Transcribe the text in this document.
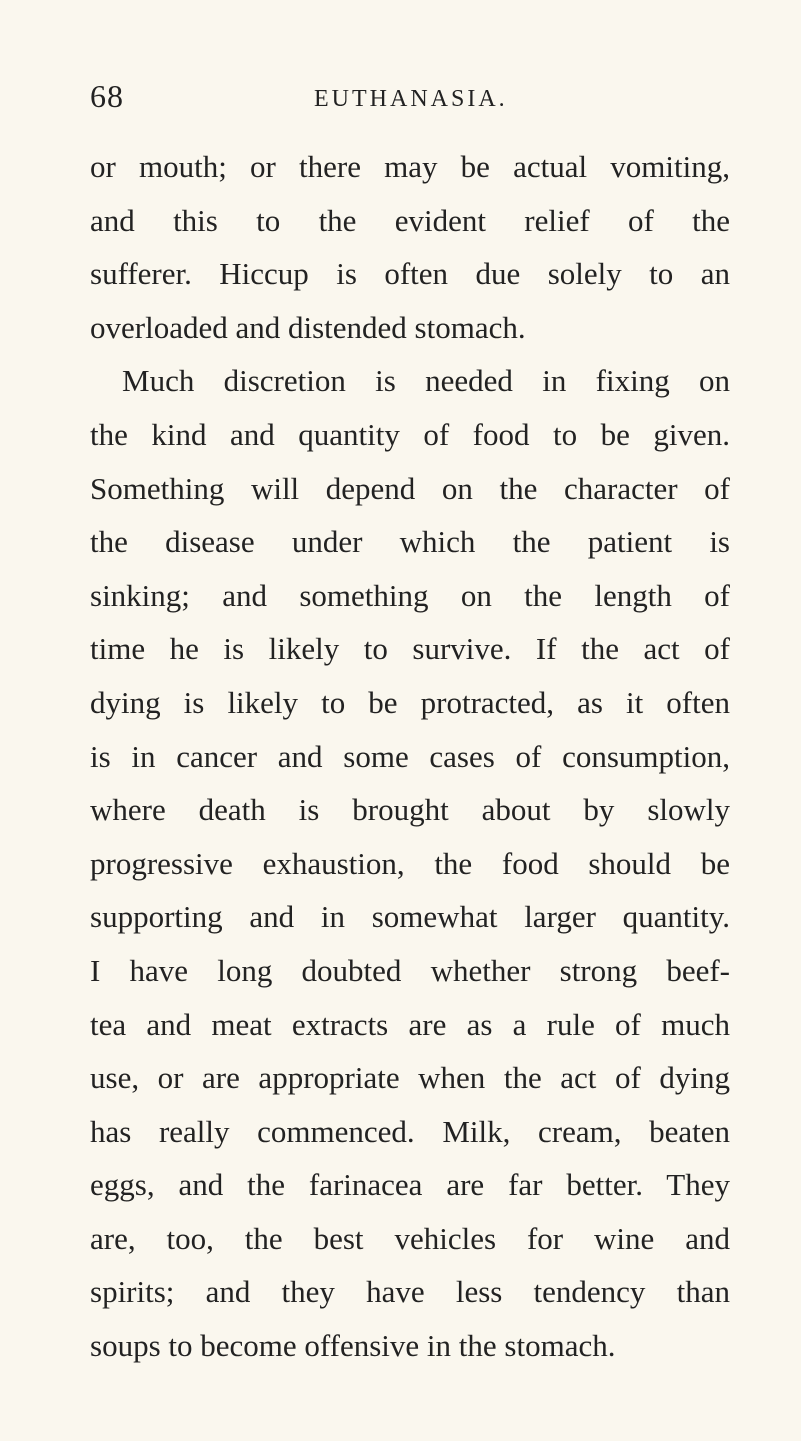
68	EUTHANASIA.
or mouth; or there may be actual vomiting,
and this to the evident relief of the
sufferer. Hiccup is often due solely to an
overloaded and distended stomach.
Much discretion is needed in fixing on
the kind and quantity of food to be given.
Something will depend on the character of
the disease under which the patient is
sinking; and something on the length of
time he is likely to survive. If the act of
dying is likely to be protracted, as it often
is in cancer and some cases of consumption,
where death is brought about by slowly
progressive exhaustion, the food should be
supporting and in somewhat larger quantity.
I have long doubted whether strong beef-
tea and meat extracts are as a rule of much
use, or are appropriate when the act of dying
has really commenced. Milk, cream, beaten
eggs, and the farinacea are far better. They
are, too, the best vehicles for wine and
spirits; and they have less tendency than
soups to become offensive in the stomach.
